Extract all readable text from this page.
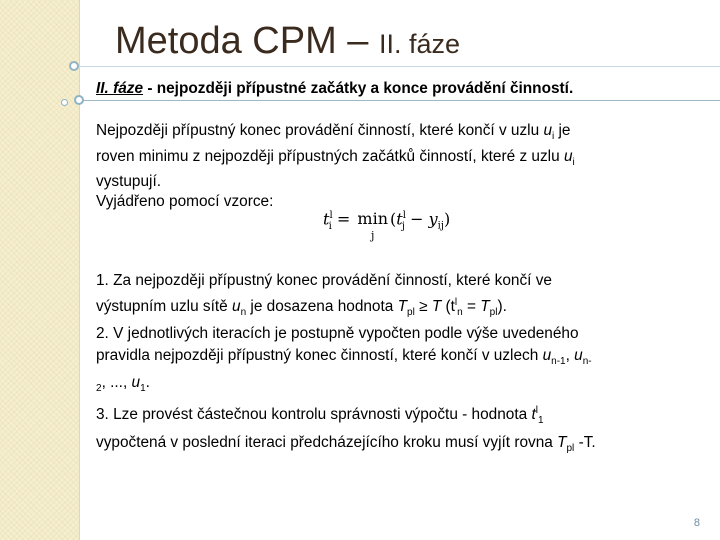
Metoda CPM – II. fáze

II. fáze - nejpozději přípustné začátky a konce provádění činností.

Nejpozději přípustný konec provádění činností, které končí v uzlu $u_i$ je
roven minimu z nejpozději přípustných začátků činností, které z uzlu $u_i$
vystupují.
Vyjádřeno pomocí vzorce:

$t^l_i = \min$
j
$(t^l_j - y_{ij})$

1. Za nejpozději přípustný konec provádění činností, které končí ve
výstupním uzlu sítě $u_n$ je dosazena hodnota $T_{pl} \ge T$ $(t^l_n = T_{pl})$.
2. V jednotlivých iteracích je postupně vypočten podle výše uvedeného
pravidla nejpozději přípustný konec činností, které končí v uzlech $u_{n-1}$, $u_{n-}$
$_2$, ..., $u_1$.
3. Lze provést částečnou kontrolu správnosti výpočtu - hodnota $t^l_1$
vypočtená v poslední iteraci předcházejícího kroku musí vyjít rovna $T_{pl}$ -T.

8
